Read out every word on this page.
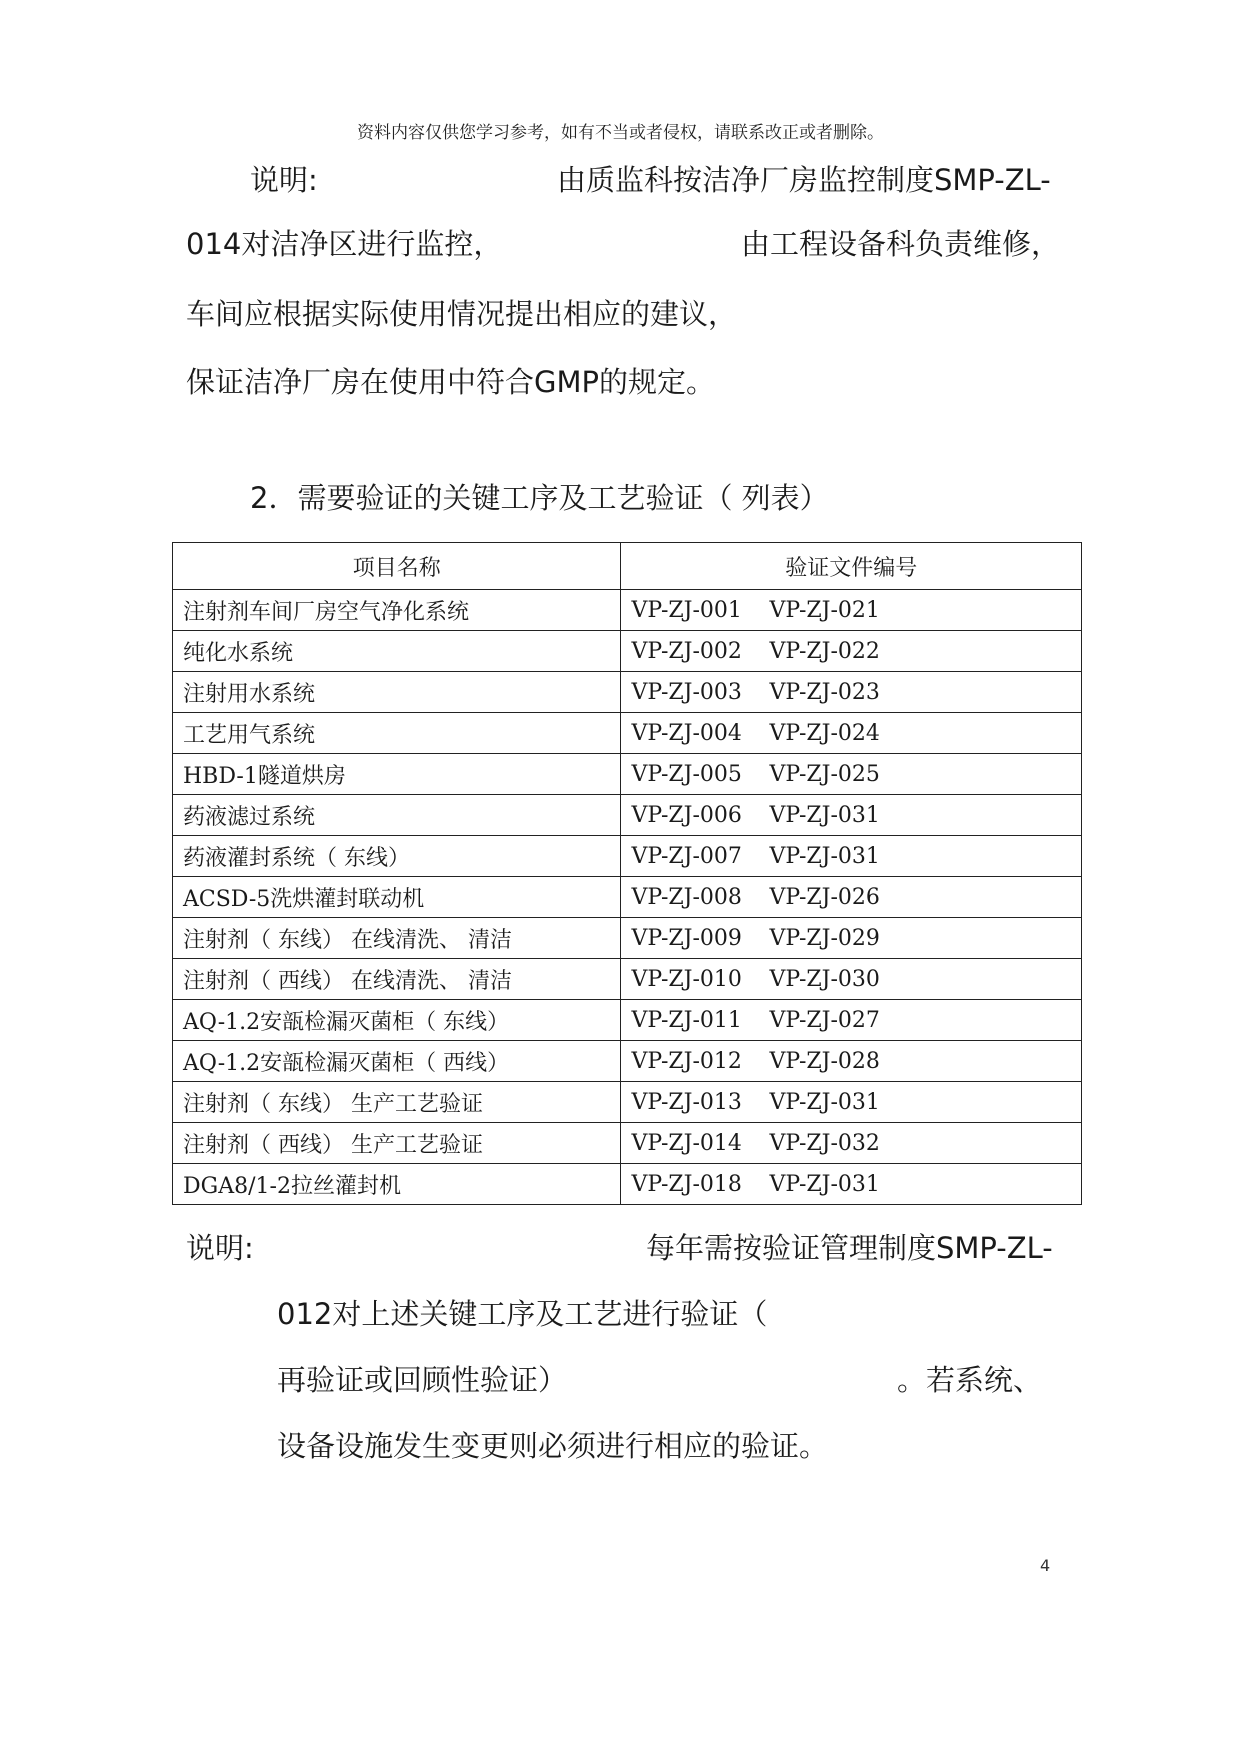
资料内容仅供您学习参考，如有不当或者侵权，请联系改正或者删除。
说明:	由质监科按洁净厂房监控制度SMP-ZL-
014对洁净区进行监控，	由工程设备科负责维修，
车间应根据实际使用情况提出相应的建议，
保证洁净厂房在使用中符合GMP的规定。
2．需要验证的关键工序及工艺验证（ 列表）
项目名称	验证文件编号
注射剂车间厂房空气净化系统	VP-ZJ-001 VP-ZJ-021
纯化水系统	VP-ZJ-002 VP-ZJ-022
注射用水系统	VP-ZJ-003 VP-ZJ-023
工艺用气系统	VP-ZJ-004 VP-ZJ-024
HBD-1隧道烘房	VP-ZJ-005 VP-ZJ-025
药液滤过系统	VP-ZJ-006 VP-ZJ-031
药液灌封系统（ 东线）	VP-ZJ-007 VP-ZJ-031
ACSD-5洗烘灌封联动机	VP-ZJ-008 VP-ZJ-026
注射剂（ 东线） 在线清洗、 清洁	VP-ZJ-009 VP-ZJ-029
注射剂（ 西线） 在线清洗、 清洁	VP-ZJ-010 VP-ZJ-030
AQ-1.2安瓿检漏灭菌柜（ 东线）	VP-ZJ-011 VP-ZJ-027
AQ-1.2安瓿检漏灭菌柜（ 西线）	VP-ZJ-012 VP-ZJ-028
注射剂（ 东线） 生产工艺验证	VP-ZJ-013 VP-ZJ-031
注射剂（ 西线） 生产工艺验证	VP-ZJ-014 VP-ZJ-032
DGA8/1-2拉丝灌封机	VP-ZJ-018 VP-ZJ-031
说明:	每年需按验证管理制度SMP-ZL-
012对上述关键工序及工艺进行验证（
再验证或回顾性验证）	。若系统、
设备设施发生变更则必须进行相应的验证。
4
